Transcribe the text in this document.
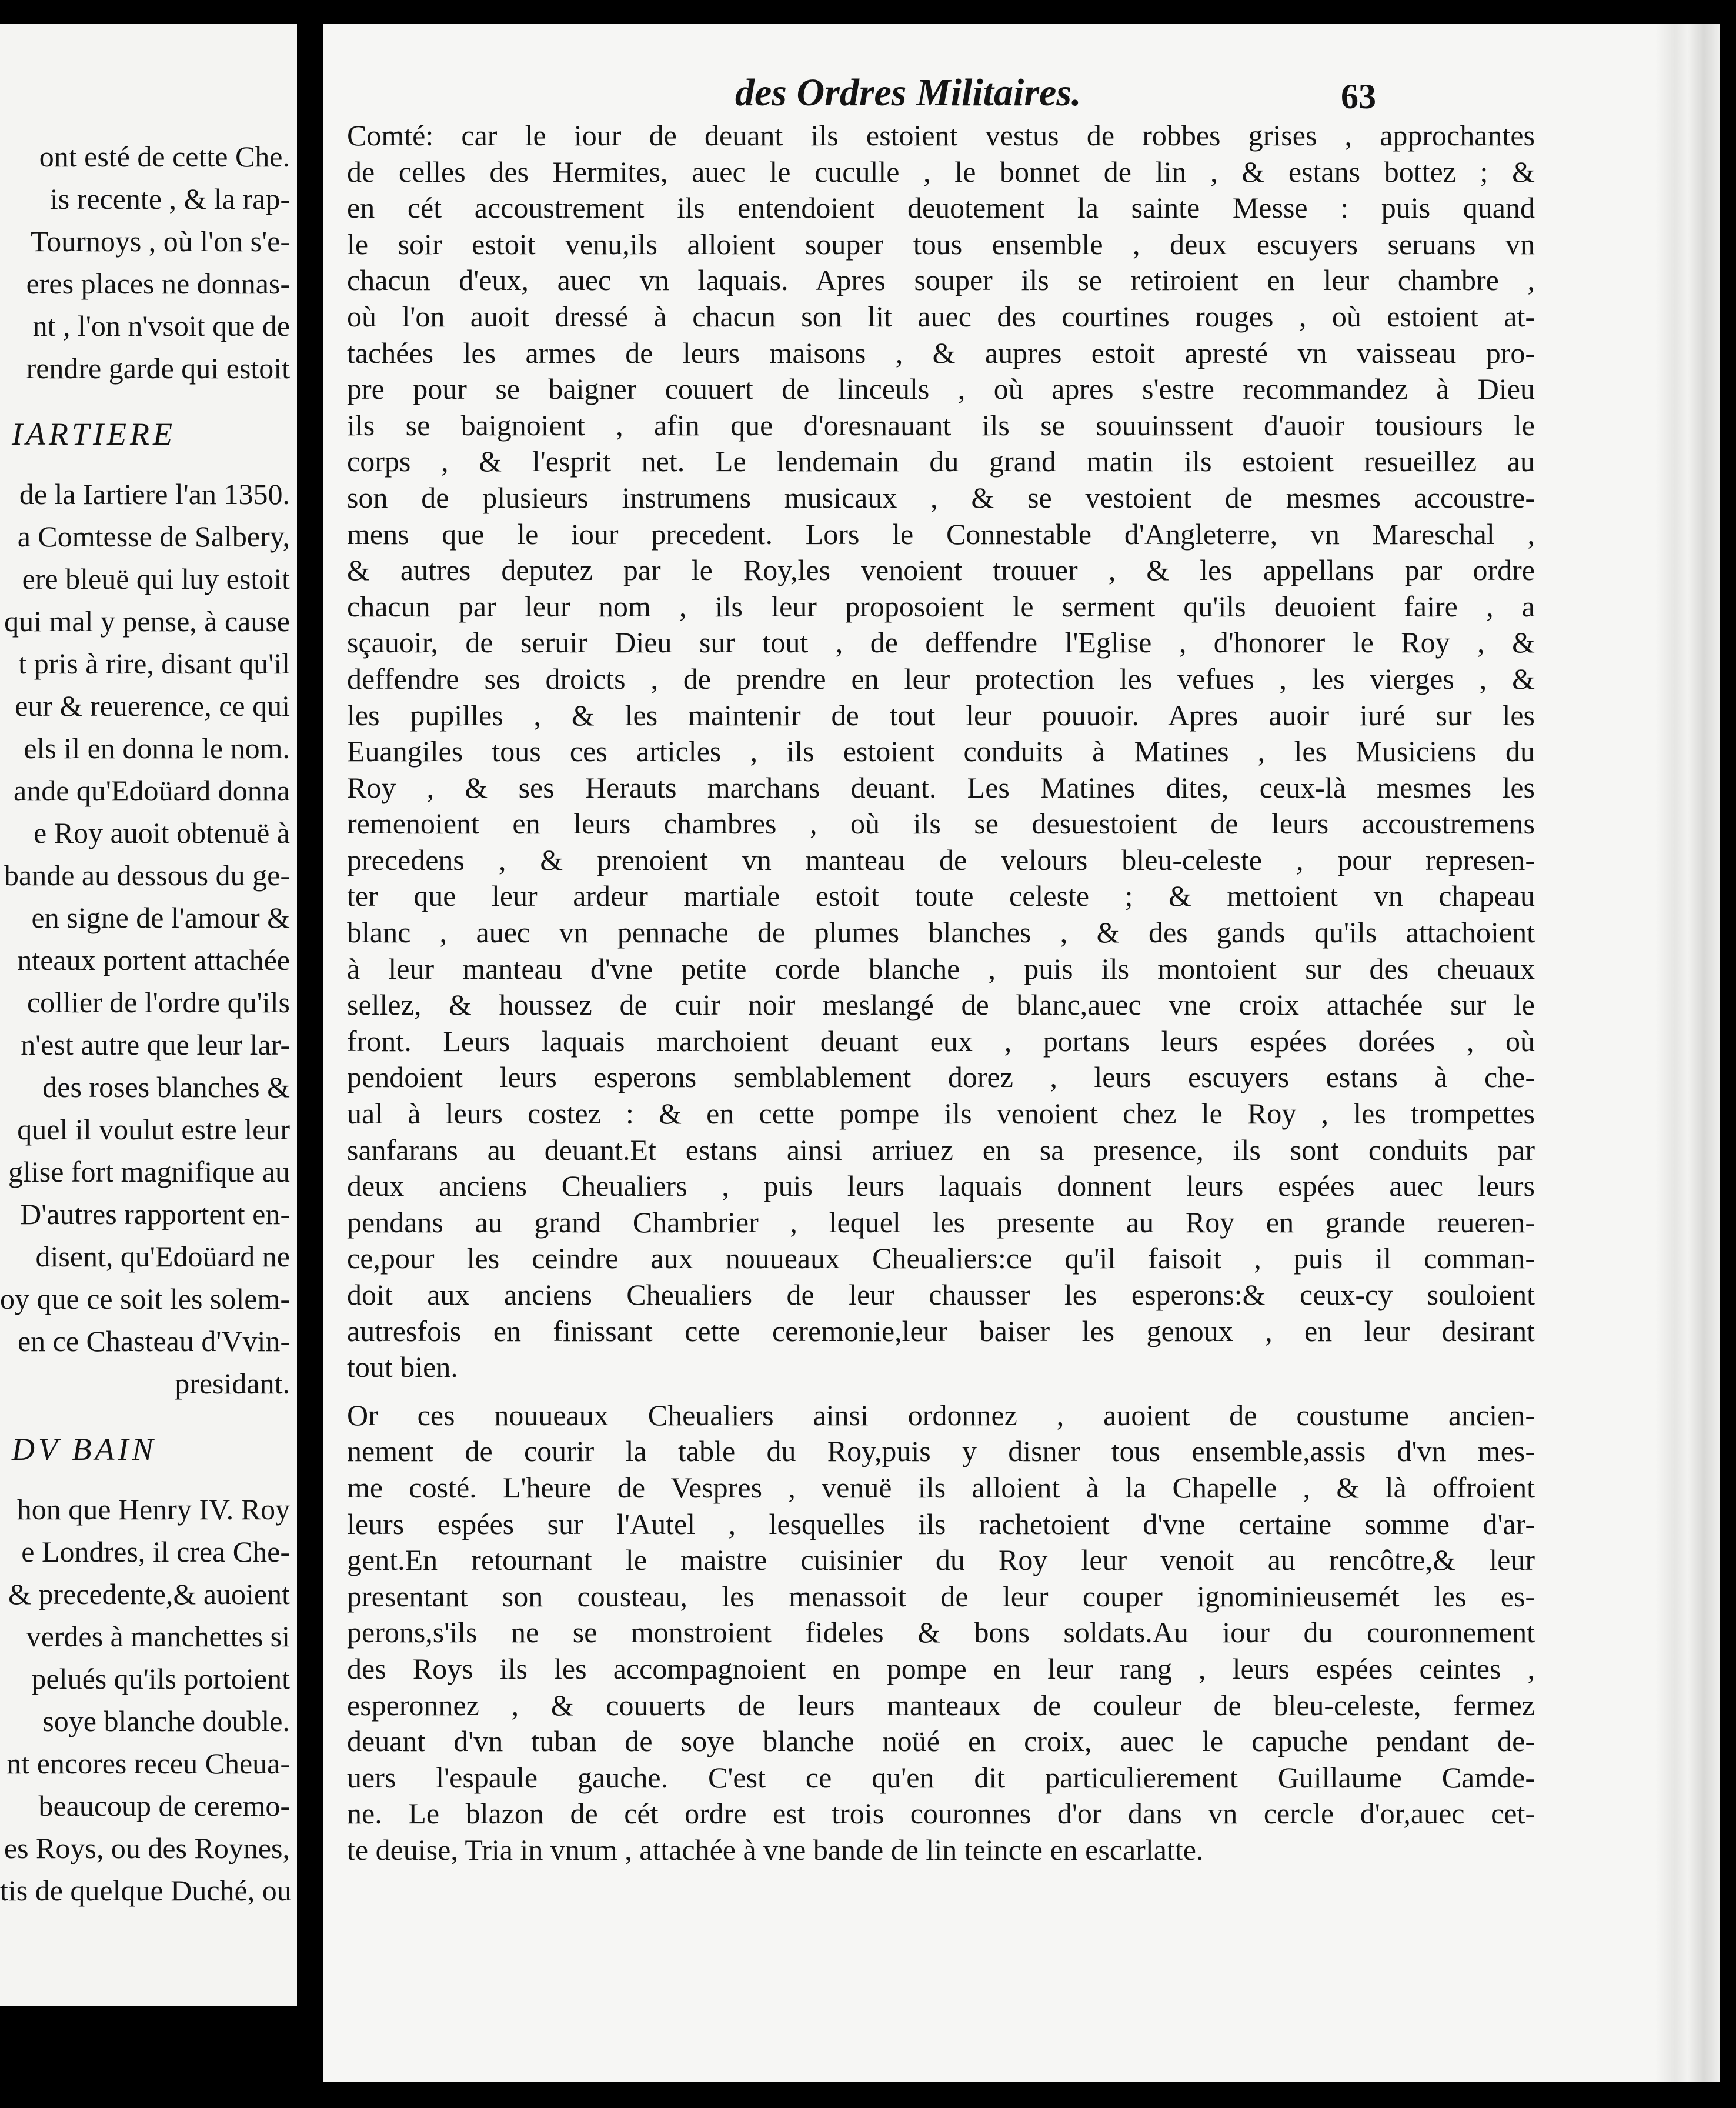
ont esté de cette Che.
is recente , & la rap-
Tournoys , où l'on s'e-
eres places ne donnas-
nt , l'on n'vsoit que de
rendre garde qui estoit
IARTIERE
de la Iartiere l'an 1350.
a Comtesse de Salbery,
ere bleuë qui luy estoit
qui mal y pense, à cause
t pris à rire, disant qu'il
eur & reuerence, ce qui
els il en donna le nom.
ande qu'Edoüard donna
e Roy auoit obtenuë à
bande au dessous du ge-
en signe de l'amour &
nteaux portent attachée
collier de l'ordre qu'ils
n'est autre que leur lar-
des roses blanches &
quel il voulut estre leur
glise fort magnifique au
D'autres rapportent en-
disent, qu'Edoüard ne
oy que ce soit les solem-
en ce Chasteau d'Vvin-
presidant.
DV BAIN
hon que Henry IV. Roy
e Londres, il crea Che-
& precedente,& auoient
verdes à manchettes si
pelués qu'ils portoient
soye blanche double.
nt encores receu Cheua-
beaucoup de ceremo-
es Roys, ou des Roynes,
tis de quelque Duché, ou
des Ordres Militaires.	63
Comté: car le iour de deuant ils estoient vestus de robbes grises , approchantes
de celles des Hermites, auec le cuculle , le bonnet de lin , & estans bottez ; &
en cét accoustrement ils entendoient deuotement la sainte Messe : puis quand
le soir estoit venu,ils alloient souper tous ensemble , deux escuyers seruans vn
chacun d'eux, auec vn laquais. Apres souper ils se retiroient en leur chambre ,
où l'on auoit dressé à chacun son lit auec des courtines rouges , où estoient at-
tachées les armes de leurs maisons , & aupres estoit apresté vn vaisseau pro-
pre pour se baigner couuert de linceuls , où apres s'estre recommandez à Dieu
ils se baignoient , afin que d'oresnauant ils se souuinssent d'auoir tousiours le
corps , & l'esprit net. Le lendemain du grand matin ils estoient resueillez au
son de plusieurs instrumens musicaux , & se vestoient de mesmes accoustre-
mens que le iour precedent. Lors le Connestable d'Angleterre, vn Mareschal ,
& autres deputez par le Roy,les venoient trouuer , & les appellans par ordre
chacun par leur nom , ils leur proposoient le serment qu'ils deuoient faire , a
sçauoir, de seruir Dieu sur tout , de deffendre l'Eglise , d'honorer le Roy , &
deffendre ses droicts , de prendre en leur protection les vefues , les vierges , &
les pupilles , & les maintenir de tout leur pouuoir. Apres auoir iuré sur les
Euangiles tous ces articles , ils estoient conduits à Matines , les Musiciens du
Roy , & ses Herauts marchans deuant. Les Matines dites, ceux-là mesmes les
remenoient en leurs chambres , où ils se desuestoient de leurs accoustremens
precedens , & prenoient vn manteau de velours bleu-celeste , pour represen-
ter que leur ardeur martiale estoit toute celeste ; & mettoient vn chapeau
blanc , auec vn pennache de plumes blanches , & des gands qu'ils attachoient
à leur manteau d'vne petite corde blanche , puis ils montoient sur des cheuaux
sellez, & houssez de cuir noir meslangé de blanc,auec vne croix attachée sur le
front. Leurs laquais marchoient deuant eux , portans leurs espées dorées , où
pendoient leurs esperons semblablement dorez , leurs escuyers estans à che-
ual à leurs costez : & en cette pompe ils venoient chez le Roy , les trompettes
sanfarans au deuant.Et estans ainsi arriuez en sa presence, ils sont conduits par
deux anciens Cheualiers , puis leurs laquais donnent leurs espées auec leurs
pendans au grand Chambrier , lequel les presente au Roy en grande reueren-
ce,pour les ceindre aux nouueaux Cheualiers:ce qu'il faisoit , puis il comman-
doit aux anciens Cheualiers de leur chausser les esperons:& ceux-cy souloient
autresfois en finissant cette ceremonie,leur baiser les genoux , en leur desirant
tout bien.
Or ces nouueaux Cheualiers ainsi ordonnez , auoient de coustume ancien-
nement de courir la table du Roy,puis y disner tous ensemble,assis d'vn mes-
me costé. L'heure de Vespres , venuë ils alloient à la Chapelle , & là offroient
leurs espées sur l'Autel , lesquelles ils rachetoient d'vne certaine somme d'ar-
gent.En retournant le maistre cuisinier du Roy leur venoit au rencôtre,& leur
presentant son cousteau, les menassoit de leur couper ignominieusemét les es-
perons,s'ils ne se monstroient fideles & bons soldats.Au iour du couronnement
des Roys ils les accompagnoient en pompe en leur rang , leurs espées ceintes ,
esperonnez , & couuerts de leurs manteaux de couleur de bleu-celeste, fermez
deuant d'vn tuban de soye blanche noüé en croix, auec le capuche pendant de-
uers l'espaule gauche. C'est ce qu'en dit particulierement Guillaume Camde-
ne. Le blazon de cét ordre est trois couronnes d'or dans vn cercle d'or,auec cet-
te deuise, Tria in vnum , attachée à vne bande de lin teincte en escarlatte.
